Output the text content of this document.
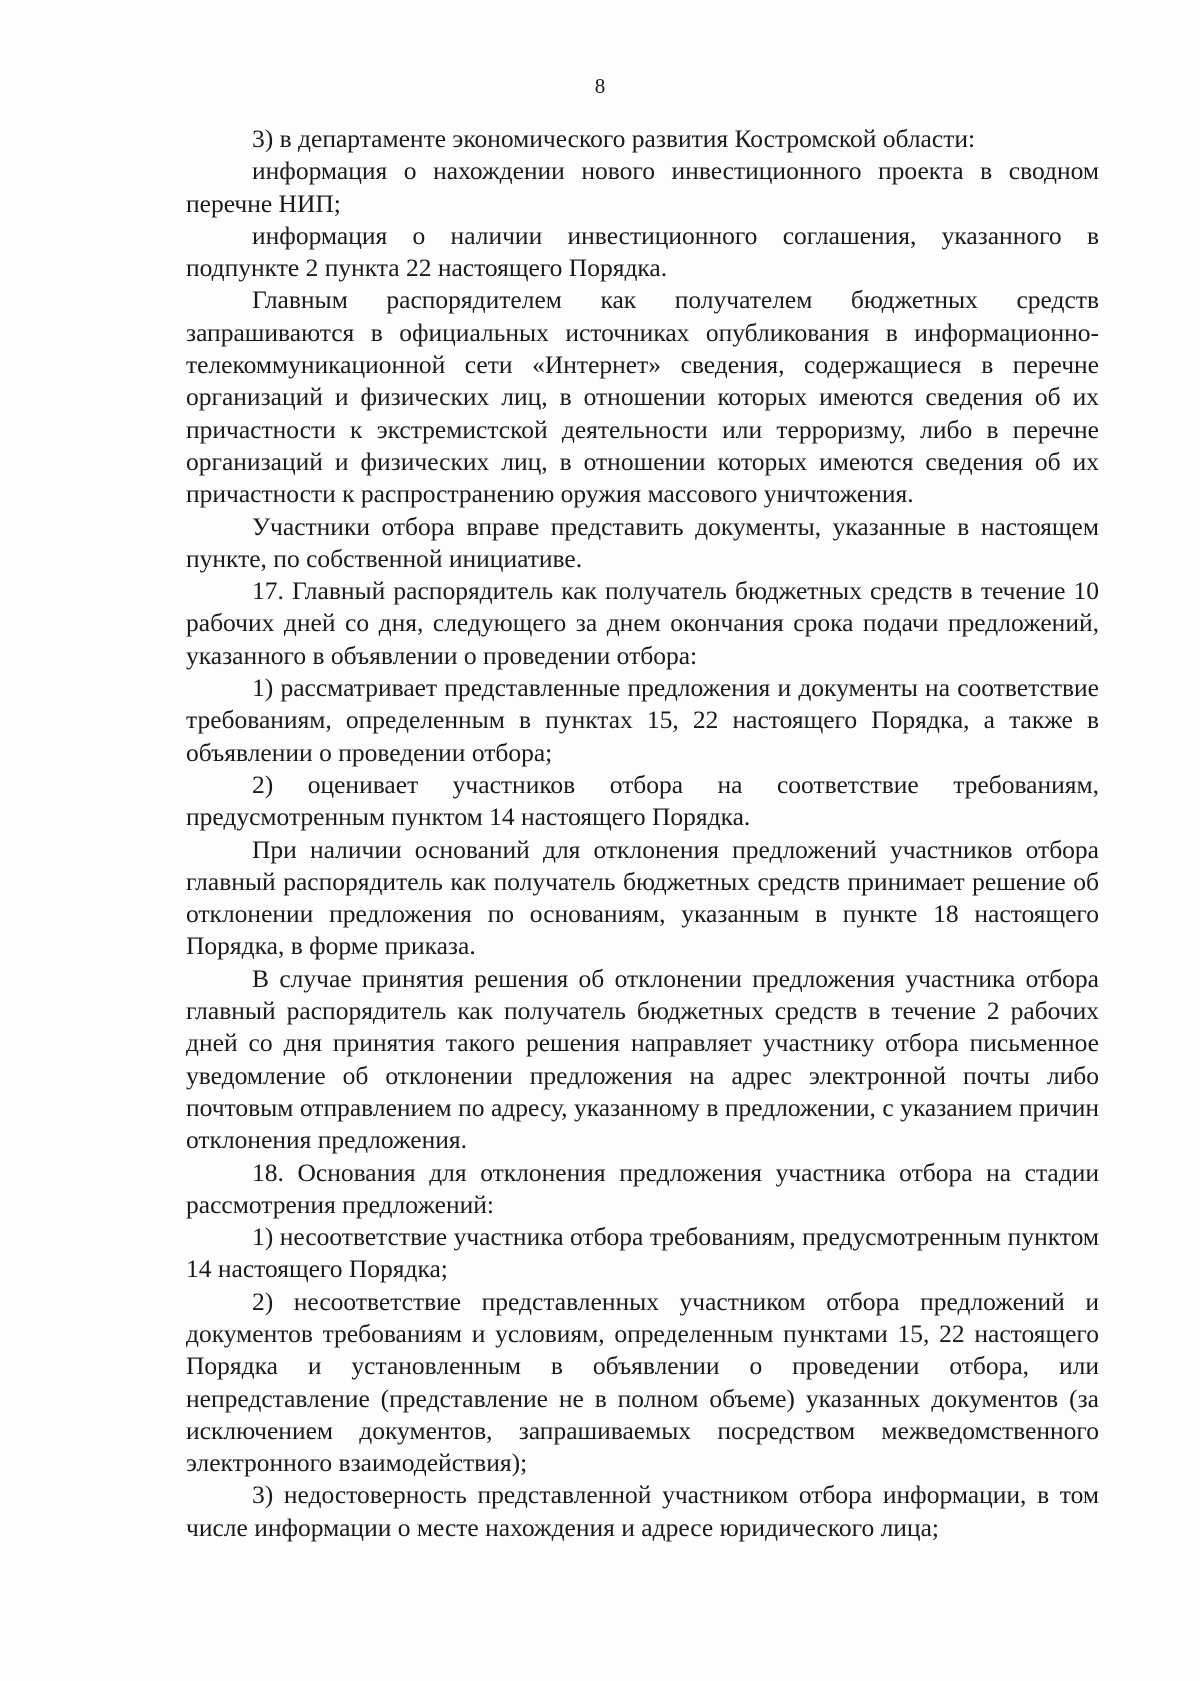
8

3) в департаменте экономического развития Костромской области:

информация о нахождении нового инвестиционного проекта в сводном перечне НИП;

информация о наличии инвестиционного соглашения, указанного в подпункте 2 пункта 22 настоящего Порядка.

Главным распорядителем как получателем бюджетных средств запрашиваются в официальных источниках опубликования в информационно-телекоммуникационной сети «Интернет» сведения, содержащиеся в перечне организаций и физических лиц, в отношении которых имеются сведения об их причастности к экстремистской деятельности или терроризму, либо в перечне организаций и физических лиц, в отношении которых имеются сведения об их причастности к распространению оружия массового уничтожения.

Участники отбора вправе представить документы, указанные в настоящем пункте, по собственной инициативе.

17. Главный распорядитель как получатель бюджетных средств в течение 10 рабочих дней со дня, следующего за днем окончания срока подачи предложений, указанного в объявлении о проведении отбора:

1) рассматривает представленные предложения и документы на соответствие требованиям, определенным в пунктах 15, 22 настоящего Порядка, а также в объявлении о проведении отбора;

2) оценивает участников отбора на соответствие требованиям, предусмотренным пунктом 14 настоящего Порядка.

При наличии оснований для отклонения предложений участников отбора главный распорядитель как получатель бюджетных средств принимает решение об отклонении предложения по основаниям, указанным в пункте 18 настоящего Порядка, в форме приказа.

В случае принятия решения об отклонении предложения участника отбора главный распорядитель как получатель бюджетных средств в течение 2 рабочих дней со дня принятия такого решения направляет участнику отбора письменное уведомление об отклонении предложения на адрес электронной почты либо почтовым отправлением по адресу, указанному в предложении, с указанием причин отклонения предложения.

18. Основания для отклонения предложения участника отбора на стадии рассмотрения предложений:

1) несоответствие участника отбора требованиям, предусмотренным пунктом 14 настоящего Порядка;

2) несоответствие представленных участником отбора предложений и документов требованиям и условиям, определенным пунктами 15, 22 настоящего Порядка и установленным в объявлении о проведении отбора, или непредставление (представление не в полном объеме) указанных документов (за исключением документов, запрашиваемых посредством межведомственного электронного взаимодействия);

3) недостоверность представленной участником отбора информации, в том числе информации о месте нахождения и адресе юридического лица;
